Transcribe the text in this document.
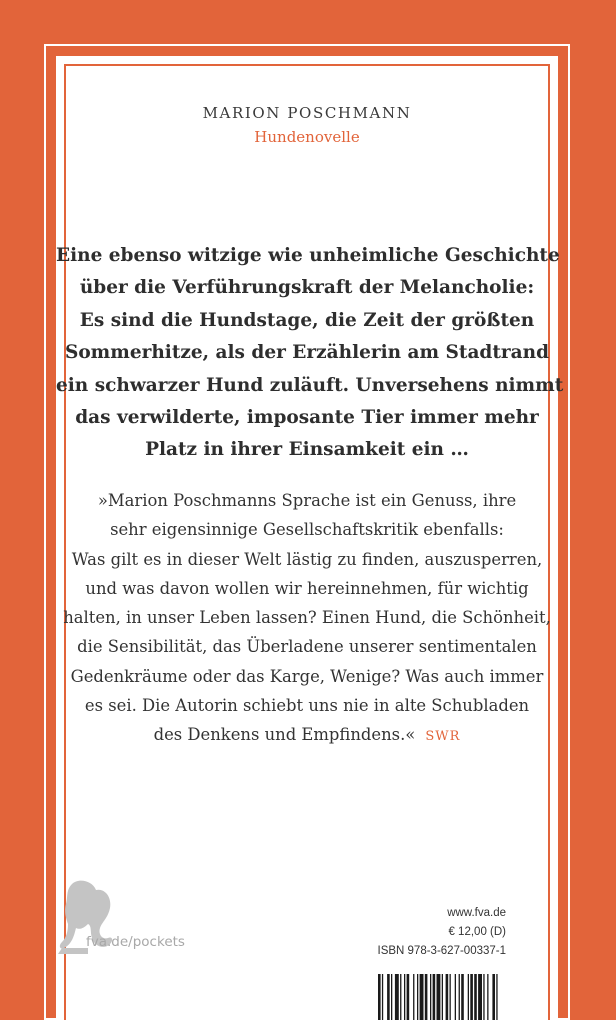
MARION POSCHMANN
Hundenovelle
Eine ebenso witzige wie unheimliche Geschichte
über die Verführungskraft der Melancholie:
Es sind die Hundstage, die Zeit der größten
Sommerhitze, als der Erzählerin am Stadtrand
ein schwarzer Hund zuläuft. Unversehens nimmt
das verwilderte, imposante Tier immer mehr
Platz in ihrer Einsamkeit ein …
»Marion Poschmanns Sprache ist ein Genuss, ihre
sehr eigensinnige Gesellschaftskritik ebenfalls:
Was gilt es in dieser Welt lästig zu finden, auszusperren,
und was davon wollen wir hereinnehmen, für wichtig
halten, in unser Leben lassen? Einen Hund, die Schönheit,
die Sensibilität, das Überladene unserer sentimentalen
Gedenkräume oder das Karge, Wenige? Was auch immer
es sei. Die Autorin schiebt uns nie in alte Schubladen
des Denkens und Empfindens.« SWR
fva.de/pockets
www.fva.de
€ 12,00 (D)
ISBN 978-3-627-00337-1
